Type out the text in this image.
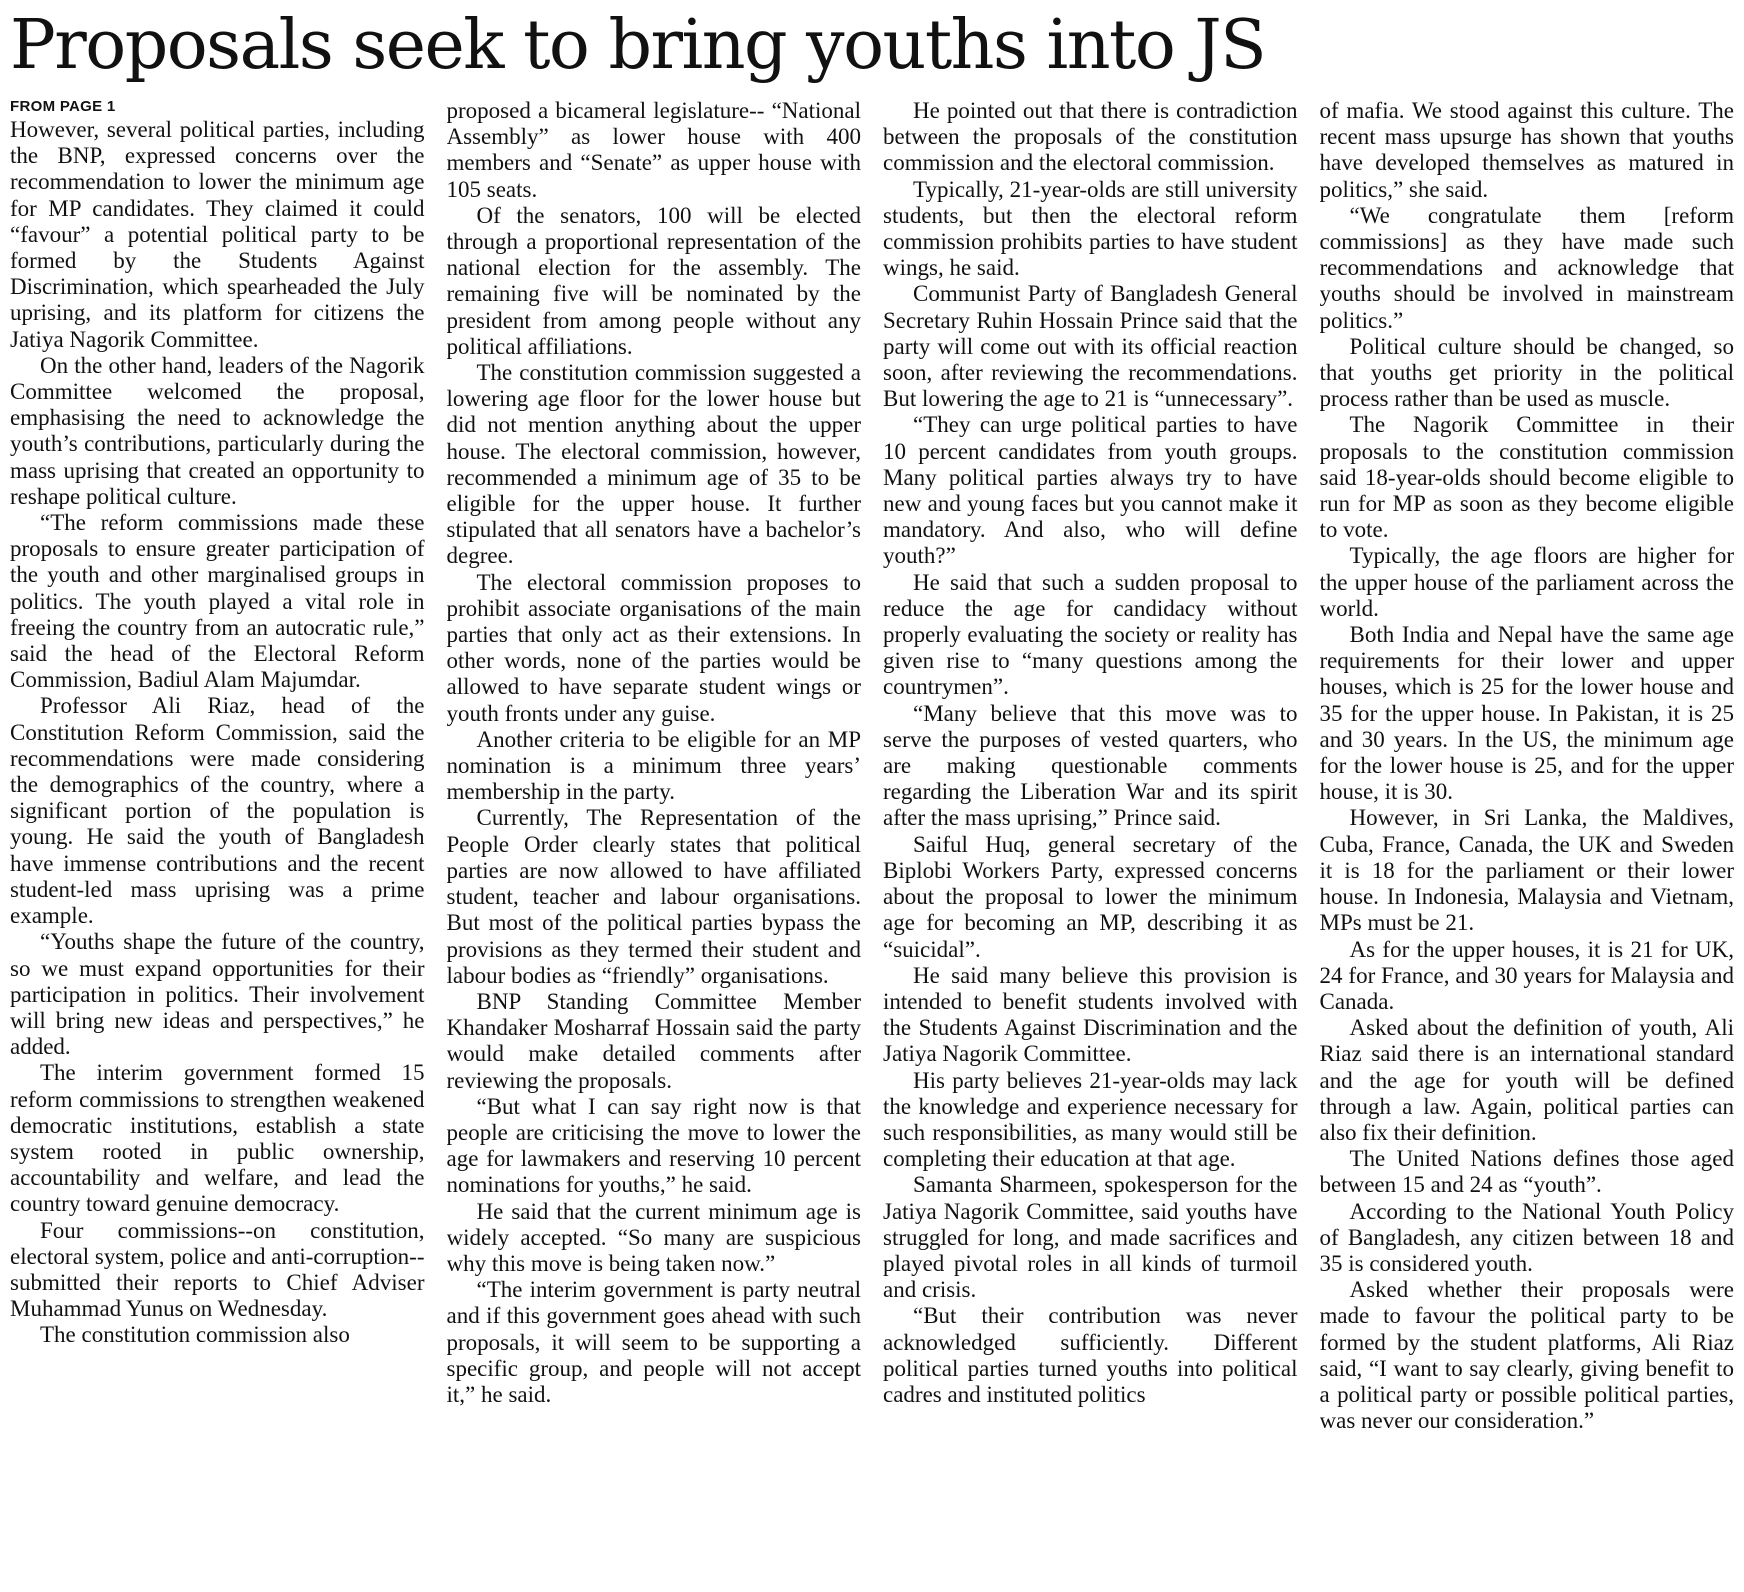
Proposals seek to bring youths into JS
FROM PAGE 1

However, several political parties, including the BNP, expressed concerns over the recommendation to lower the minimum age for MP candidates. They claimed it could “favour” a potential political party to be formed by the Students Against Discrimination, which spearheaded the July uprising, and its platform for citizens the Jatiya Nagorik Committee.

On the other hand, leaders of the Nagorik Committee welcomed the proposal, emphasising the need to acknowledge the youth’s contributions, particularly during the mass uprising that created an opportunity to reshape political culture.

“The reform commissions made these proposals to ensure greater participation of the youth and other marginalised groups in politics. The youth played a vital role in freeing the country from an autocratic rule,” said the head of the Electoral Reform Commission, Badiul Alam Majumdar.

Professor Ali Riaz, head of the Constitution Reform Commission, said the recommendations were made considering the demographics of the country, where a significant portion of the population is young. He said the youth of Bangladesh have immense contributions and the recent student-led mass uprising was a prime example.

“Youths shape the future of the country, so we must expand opportunities for their participation in politics. Their involvement will bring new ideas and perspectives,” he added.

The interim government formed 15 reform commissions to strengthen weakened democratic institutions, establish a state system rooted in public ownership, accountability and welfare, and lead the country toward genuine democracy.

Four commissions--on constitution, electoral system, police and anti-corruption--submitted their reports to Chief Adviser Muhammad Yunus on Wednesday.

The constitution commission also

proposed a bicameral legislature-- “National Assembly” as lower house with 400 members and “Senate” as upper house with 105 seats.

Of the senators, 100 will be elected through a proportional representation of the national election for the assembly. The remaining five will be nominated by the president from among people without any political affiliations.

The constitution commission suggested a lowering age floor for the lower house but did not mention anything about the upper house. The electoral commission, however, recommended a minimum age of 35 to be eligible for the upper house. It further stipulated that all senators have a bachelor’s degree.

The electoral commission proposes to prohibit associate organisations of the main parties that only act as their extensions. In other words, none of the parties would be allowed to have separate student wings or youth fronts under any guise.

Another criteria to be eligible for an MP nomination is a minimum three years’ membership in the party.

Currently, The Representation of the People Order clearly states that political parties are now allowed to have affiliated student, teacher and labour organisations. But most of the political parties bypass the provisions as they termed their student and labour bodies as “friendly” organisations.

BNP Standing Committee Member Khandaker Mosharraf Hossain said the party would make detailed comments after reviewing the proposals.

“But what I can say right now is that people are criticising the move to lower the age for lawmakers and reserving 10 percent nominations for youths,” he said.

He said that the current minimum age is widely accepted. “So many are suspicious why this move is being taken now.”

“The interim government is party neutral and if this government goes ahead with such proposals, it will seem to be supporting a specific group, and people will not accept it,” he said.

He pointed out that there is contradiction between the proposals of the constitution commission and the electoral commission.

Typically, 21-year-olds are still university students, but then the electoral reform commission prohibits parties to have student wings, he said.

Communist Party of Bangladesh General Secretary Ruhin Hossain Prince said that the party will come out with its official reaction soon, after reviewing the recommendations. But lowering the age to 21 is “unnecessary”.

“They can urge political parties to have 10 percent candidates from youth groups. Many political parties always try to have new and young faces but you cannot make it mandatory. And also, who will define youth?”

He said that such a sudden proposal to reduce the age for candidacy without properly evaluating the society or reality has given rise to “many questions among the countrymen”.

“Many believe that this move was to serve the purposes of vested quarters, who are making questionable comments regarding the Liberation War and its spirit after the mass uprising,” Prince said.

Saiful Huq, general secretary of the Biplobi Workers Party, expressed concerns about the proposal to lower the minimum age for becoming an MP, describing it as “suicidal”.

He said many believe this provision is intended to benefit students involved with the Students Against Discrimination and the Jatiya Nagorik Committee.

His party believes 21-year-olds may lack the knowledge and experience necessary for such responsibilities, as many would still be completing their education at that age.

Samanta Sharmeen, spokesperson for the Jatiya Nagorik Committee, said youths have struggled for long, and made sacrifices and played pivotal roles in all kinds of turmoil and crisis.

“But their contribution was never acknowledged sufficiently. Different political parties turned youths into political cadres and instituted politics

of mafia. We stood against this culture. The recent mass upsurge has shown that youths have developed themselves as matured in politics,” she said.

“We congratulate them [reform commissions] as they have made such recommendations and acknowledge that youths should be involved in mainstream politics.”

Political culture should be changed, so that youths get priority in the political process rather than be used as muscle.

The Nagorik Committee in their proposals to the constitution commission said 18-year-olds should become eligible to run for MP as soon as they become eligible to vote.

Typically, the age floors are higher for the upper house of the parliament across the world.

Both India and Nepal have the same age requirements for their lower and upper houses, which is 25 for the lower house and 35 for the upper house. In Pakistan, it is 25 and 30 years. In the US, the minimum age for the lower house is 25, and for the upper house, it is 30.

However, in Sri Lanka, the Maldives, Cuba, France, Canada, the UK and Sweden it is 18 for the parliament or their lower house. In Indonesia, Malaysia and Vietnam, MPs must be 21.

As for the upper houses, it is 21 for UK, 24 for France, and 30 years for Malaysia and Canada.

Asked about the definition of youth, Ali Riaz said there is an international standard and the age for youth will be defined through a law. Again, political parties can also fix their definition.

The United Nations defines those aged between 15 and 24 as “youth”.

According to the National Youth Policy of Bangladesh, any citizen between 18 and 35 is considered youth.

Asked whether their proposals were made to favour the political party to be formed by the student platforms, Ali Riaz said, “I want to say clearly, giving benefit to a political party or possible political parties, was never our consideration.”
